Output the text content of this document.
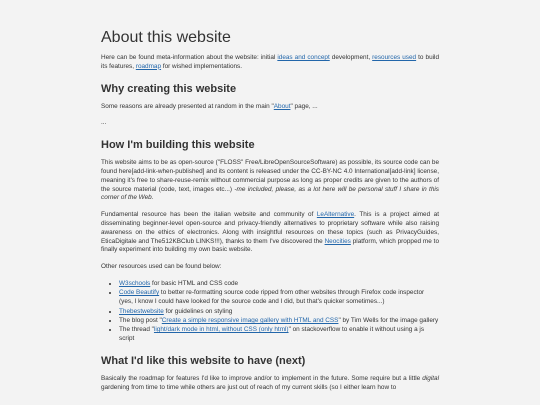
About this website

Here can be found meta-information about the website: initial ideas and concept development, resources used to build its features, roadmap for wished implementations.

Why creating this website

Some reasons are already presented at random in the main "About" page, ...

...

How I'm building this website

This website aims to be as open-source ("FLOSS" Free/LibreOpenSourceSoftware) as possible, its source code can be found here[add-link-when-published] and its content is released under the CC-BY-NC 4.0 International[add-link] license, meaning it's free to share-reuse-remix without commercial purpose as long as proper credits are given to the authors of the source material (code, text, images etc...) -me included, please, as a lot here will be personal stuff I share in this corner of the Web.

Fundamental resource has been the italian website and community of LeAlternative. This is a project aimed at disseminating beginner-level open-source and privacy-friendly alternatives to proprietary software while also raising awareness on the ethics of electronics. Along with insightful resources on these topics (such as PrivacyGuides, EticaDigitale and The512KBClub LINKS!!!), thanks to them I've discovered the Neocities platform, which propped me to finally experiment into building my own basic website.

Other resources used can be found below:

• W3schools for basic HTML and CSS code
• Code Beautify to better re-formatting source code ripped from other websites through Firefox code inspector (yes, I know I could have looked for the source code and I did, but that's quicker sometimes...)
• Thebestwebsite for guidelines on styling
• The blog post "Create a simple responsive image gallery with HTML and CSS" by Tim Wells for the image gallery
• The thread "light/dark mode in html, without CSS (only html)" on stackoverflow to enable it without using a js script
What I'd like this website to have (next)

Basically the roadmap for features I'd like to improve and/or to implement in the future. Some require but a little digital gardening from time to time while others are just out of reach of my current skills (so I either learn how to
